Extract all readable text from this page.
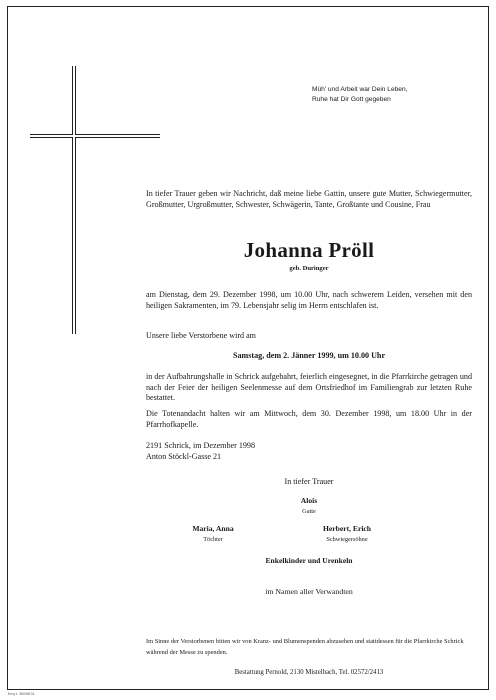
Müh' und Arbeit war Dein Leben,
Ruhe hat Dir Gott gegeben
In tiefer Trauer geben wir Nachricht, daß meine liebe Gattin, unsere gute Mutter, Schwiegermutter, Großmutter, Urgroßmutter, Schwester, Schwägerin, Tante, Großtante und Cousine, Frau
Johanna Pröll
geb. Duringer
am Dienstag, dem 29. Dezember 1998, um 10.00 Uhr, nach schwerem Leiden, versehen mit den heiligen Sakramenten, im 79. Lebensjahr selig im Herrn entschlafen ist.
Unsere liebe Verstorbene wird am
Samstag, dem 2. Jänner 1999, um 10.00 Uhr
in der Aufbahrungshalle in Schrick aufgebahrt, feierlich eingesegnet, in die Pfarrkirche getragen und nach der Feier der heiligen Seelenmesse auf dem Ortsfriedhof im Familiengrab zur letzten Ruhe bestattet.
Die Totenandacht halten wir am Mittwoch, dem 30. Dezember 1998, um 18.00 Uhr in der Pfarrhofkapelle.
2191 Schrick, im Dezember 1998
Anton Stöckl-Gasse 21
In tiefer Trauer
Alois
Gatte
Maria, Anna
Töchter
Herbert, Erich
Schwiegersöhne
Enkelkinder und Urenkeln
im Namen aller Verwandten
Im Sinne der Verstorbenen bitten wir von Kranz- und Blumenspenden abzusehen und stattdessen für die Pfarrkirche Schrick während der Messe zu spenden.
Bestattung Pernold, 2130 Mistelbach, Tel. 02572/2413
Erny t. 350/98 01
